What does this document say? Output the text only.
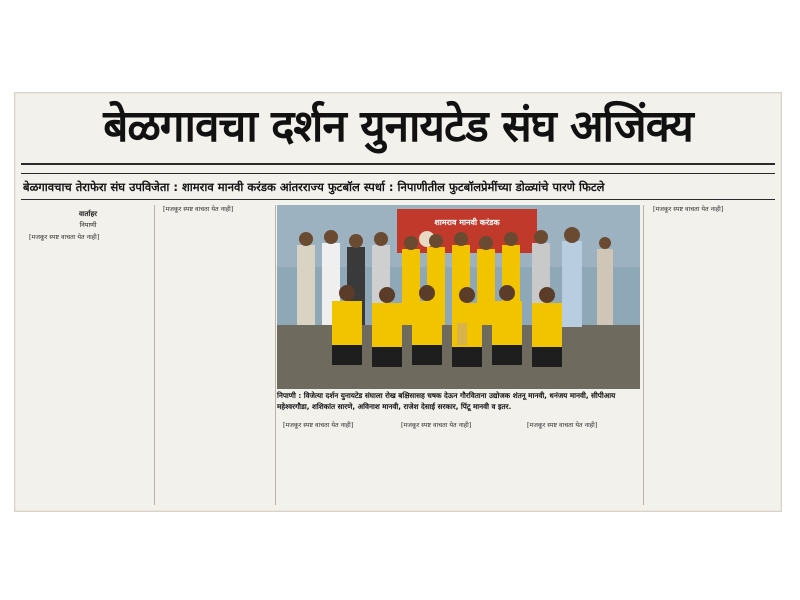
बेळगावचा दर्शन युनायटेड संघ अजिंक्य
बेळगावचाच तेराफेरा संघ उपविजेता : शामराव मानवी करंडक आंतरराज्य फुटबॉल स्पर्धा : निपाणीतील फुटबॉलप्रेमींच्या डोळ्यांचे पारणे फिटले
वार्ताहर
निपाणी

[मजकूर स्पष्ट वाचता येत नाही]

[मजकूर स्पष्ट वाचता येत नाही]

शामराव मानवी करंडक
निपाणी : विजेत्या दर्शन युनायटेड संघाला रोख बक्षिसासह चषक देऊन गौरविताना उद्योजक शंतनू मानवी, धनंजय मानवी, सीपीआय महेश्वरगौडा, शशिकांत सारणे, अविनाश मानवी, राजेश देसाई सरकार, पिंटू मानवी व इतर.

[मजकूर स्पष्ट वाचता येत नाही]	[मजकूर स्पष्ट वाचता येत नाही]	[मजकूर स्पष्ट वाचता येत नाही]

[मजकूर स्पष्ट वाचता येत नाही]
